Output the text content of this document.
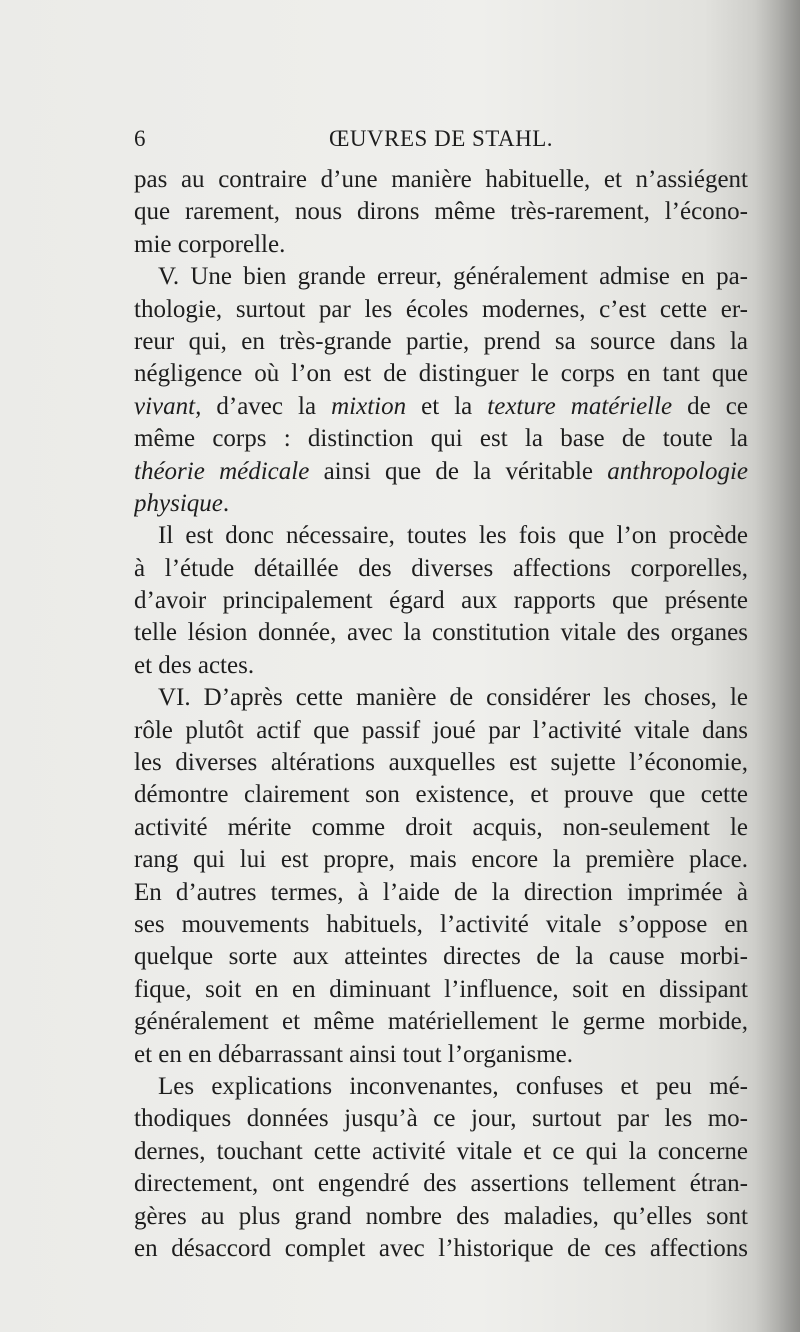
6	ŒUVRES DE STAHL.
pas au contraire d’une manière habituelle, et n’assiégent
que rarement, nous dirons même très-rarement, l’écono-
mie corporelle.
V. Une bien grande erreur, généralement admise en pa-
thologie, surtout par les écoles modernes, c’est cette er-
reur qui, en très-grande partie, prend sa source dans la
négligence où l’on est de distinguer le corps en tant que
vivant, d’avec la mixtion et la texture matérielle de ce
même corps : distinction qui est la base de toute la
théorie médicale ainsi que de la véritable anthropologie
physique.
Il est donc nécessaire, toutes les fois que l’on procède
à l’étude détaillée des diverses affections corporelles,
d’avoir principalement égard aux rapports que présente
telle lésion donnée, avec la constitution vitale des organes
et des actes.
VI. D’après cette manière de considérer les choses, le
rôle plutôt actif que passif joué par l’activité vitale dans
les diverses altérations auxquelles est sujette l’économie,
démontre clairement son existence, et prouve que cette
activité mérite comme droit acquis, non-seulement le
rang qui lui est propre, mais encore la première place.
En d’autres termes, à l’aide de la direction imprimée à
ses mouvements habituels, l’activité vitale s’oppose en
quelque sorte aux atteintes directes de la cause morbi-
fique, soit en en diminuant l’influence, soit en dissipant
généralement et même matériellement le germe morbide,
et en en débarrassant ainsi tout l’organisme.
Les explications inconvenantes, confuses et peu mé-
thodiques données jusqu’à ce jour, surtout par les mo-
dernes, touchant cette activité vitale et ce qui la concerne
directement, ont engendré des assertions tellement étran-
gères au plus grand nombre des maladies, qu’elles sont
en désaccord complet avec l’historique de ces affections
